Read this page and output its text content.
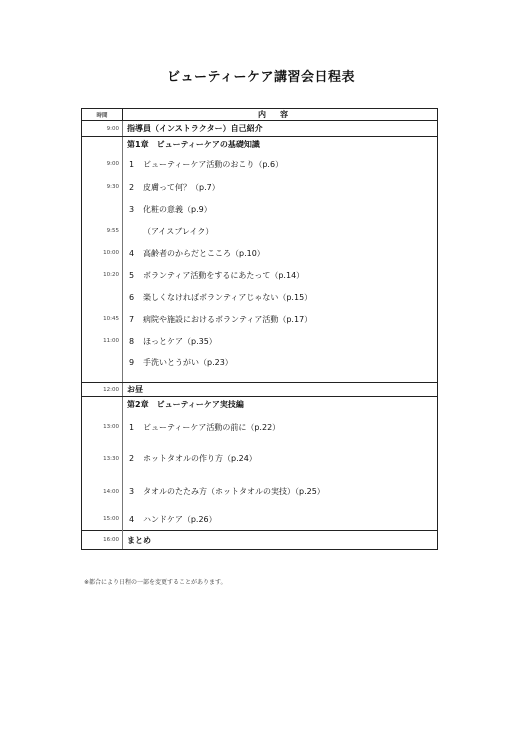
ビューティーケア講習会日程表
時間	内容
9:00	指導員（インストラクター）自己紹介
	第1章　ビューティーケアの基礎知識
9:00	1 ビューティーケア活動のおこり（p.6）
9:30	2 皮膚って何？（p.7）
	3 化粧の意義（p.9）
9:55	（アイスブレイク）
10:00	4 高齢者のからだとこころ（p.10）
10:20	5 ボランティア活動をするにあたって（p.14）
	6 楽しくなければボランティアじゃない（p.15）
10:45	7 病院や施設におけるボランティア活動（p.17）
11:00	8 ほっとケア（p.35）
	9 手洗いとうがい（p.23）

12:00	お昼
	第2章　ビューティーケア実技編
13:00	1 ビューティーケア活動の前に（p.22）
13:30	2 ホットタオルの作り方（p.24）
14:00	3 タオルのたたみ方（ホットタオルの実技）（p.25）
15:00	4 ハンドケア（p.26）
16:00	まとめ
※都合により日程の一部を変更することがあります。
